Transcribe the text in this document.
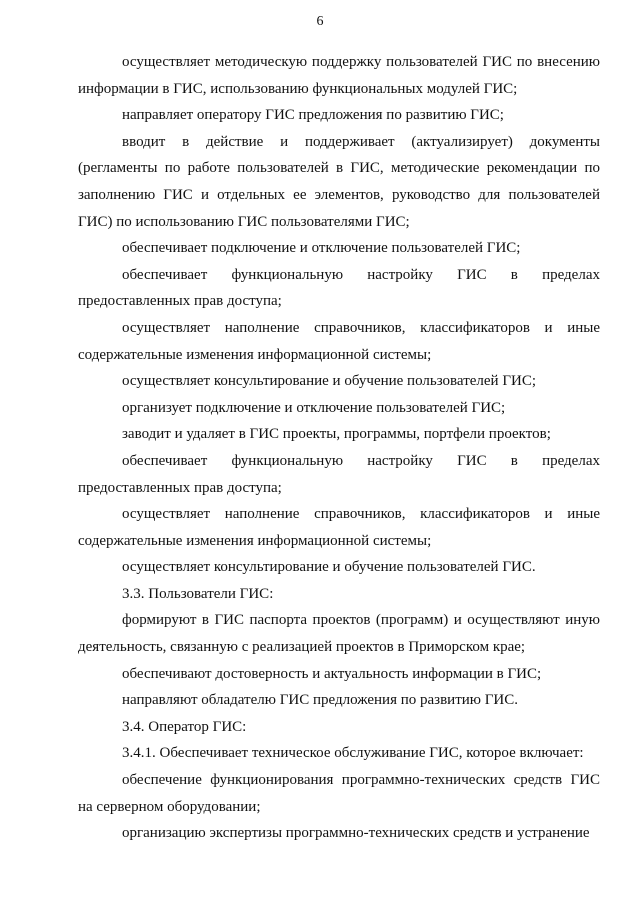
6

осуществляет методическую поддержку пользователей ГИС по внесению информации в ГИС, использованию функциональных модулей ГИС;

направляет оператору ГИС предложения по развитию ГИС;

вводит в действие и поддерживает (актуализирует) документы (регламенты по работе пользователей в ГИС, методические рекомендации по заполнению ГИС и отдельных ее элементов, руководство для пользователей ГИС) по использованию ГИС пользователями ГИС;

обеспечивает подключение и отключение пользователей ГИС;

обеспечивает функциональную настройку ГИС в пределах предоставленных прав доступа;

осуществляет наполнение справочников, классификаторов и иные содержательные изменения информационной системы;

осуществляет консультирование и обучение пользователей ГИС;

организует подключение и отключение пользователей ГИС;

заводит и удаляет в ГИС проекты, программы, портфели проектов;

обеспечивает функциональную настройку ГИС в пределах предоставленных прав доступа;

осуществляет наполнение справочников, классификаторов и иные содержательные изменения информационной системы;

осуществляет консультирование и обучение пользователей ГИС.

3.3. Пользователи ГИС:

формируют в ГИС паспорта проектов (программ) и осуществляют иную деятельность, связанную с реализацией проектов в Приморском крае;

обеспечивают достоверность и актуальность информации в ГИС;

направляют обладателю ГИС предложения по развитию ГИС.

3.4. Оператор ГИС:

3.4.1. Обеспечивает техническое обслуживание ГИС, которое включает:

обеспечение функционирования программно-технических средств ГИС на серверном оборудовании;

организацию экспертизы программно-технических средств и устранение
